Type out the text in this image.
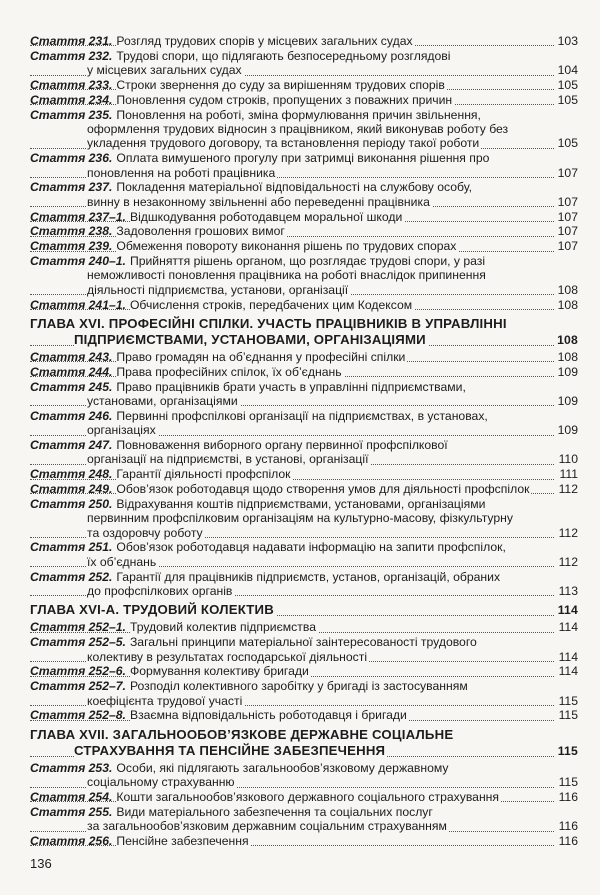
Стаття 231. Розгляд трудових спорів у місцевих загальних судах	103
Стаття 232. Трудові спори, що підлягають безпосередньому розглядові
у місцевих загальних судах	104
Стаття 233. Строки звернення до суду за вирішенням трудових спорів	105
Стаття 234. Поновлення судом строків, пропущених з поважних причин	105
Стаття 235. Поновлення на роботі, зміна формулювання причин звільнення,
оформлення трудових відносин з працівником, який виконував роботу без
укладення трудового договору, та встановлення періоду такої роботи	105
Стаття 236. Оплата вимушеного прогулу при затримці виконання рішення про
поновлення на роботі працівника	107
Стаття 237. Покладення матеріальної відповідальності на службову особу,
винну в незаконному звільненні або переведенні працівника	107
Стаття 237–1. Відшкодування роботодавцем моральної шкоди	107
Стаття 238. Задоволення грошових вимог	107
Стаття 239. Обмеження повороту виконання рішень по трудових спорах	107
Стаття 240–1. Прийняття рішень органом, що розглядає трудові спори, у разі
неможливості поновлення працівника на роботі внаслідок припинення
діяльності підприємства, установи, організації	108
Стаття 241–1. Обчислення строків, передбачених цим Кодексом	108
ГЛАВА XVI. ПРОФЕСІЙНІ СПІЛКИ. УЧАСТЬ ПРАЦІВНИКІВ В УПРАВЛІННІ
ПІДПРИЄМСТВАМИ, УСТАНОВАМИ, ОРГАНІЗАЦІЯМИ	108
Стаття 243. Право громадян на об’єднання у професійні спілки	108
Стаття 244. Права професійних спілок, їх об’єднань	109
Стаття 245. Право працівників брати участь в управлінні підприємствами,
установами, організаціями	109
Стаття 246. Первинні профспілкові організації на підприємствах, в установах,
організаціях	109
Стаття 247. Повноваження виборного органу первинної профспілкової
організації на підприємстві, в установі, організації	110
Стаття 248. Гарантії діяльності профспілок	111
Стаття 249. Обов’язок роботодавця щодо створення умов для діяльності профспілок	112
Стаття 250. Відрахування коштів підприємствами, установами, організаціями
первинним профспілковим організаціям на культурно-масову, фізкультурну
та оздоровчу роботу	112
Стаття 251. Обов’язок роботодавця надавати інформацію на запити профспілок,
їх об’єднань	112
Стаття 252. Гарантії для працівників підприємств, установ, організацій, обраних
до профспілкових органів	113
ГЛАВА XVI-А. ТРУДОВИЙ КОЛЕКТИВ	114
Стаття 252–1. Трудовий колектив підприємства	114
Стаття 252–5. Загальні принципи матеріальної заінтересованості трудового
колективу в результатах господарської діяльності	114
Стаття 252–6. Формування колективу бригади	114
Стаття 252–7. Розподіл колективного заробітку у бригаді із застосуванням
коефіцієнта трудової участі	115
Стаття 252–8. Взаємна відповідальність роботодавця і бригади	115
ГЛАВА XVII. ЗАГАЛЬНООБОВ’ЯЗКОВЕ ДЕРЖАВНЕ СОЦІАЛЬНЕ
СТРАХУВАННЯ ТА ПЕНСІЙНЕ ЗАБЕЗПЕЧЕННЯ	115
Стаття 253. Особи, які підлягають загальнообов’язковому державному
соціальному страхуванню	115
Стаття 254. Кошти загальнообов’язкового державного соціального страхування	116
Стаття 255. Види матеріального забезпечення та соціальних послуг
за загальнообов’язковим державним соціальним страхуванням	116
Стаття 256. Пенсійне забезпечення	116
136
